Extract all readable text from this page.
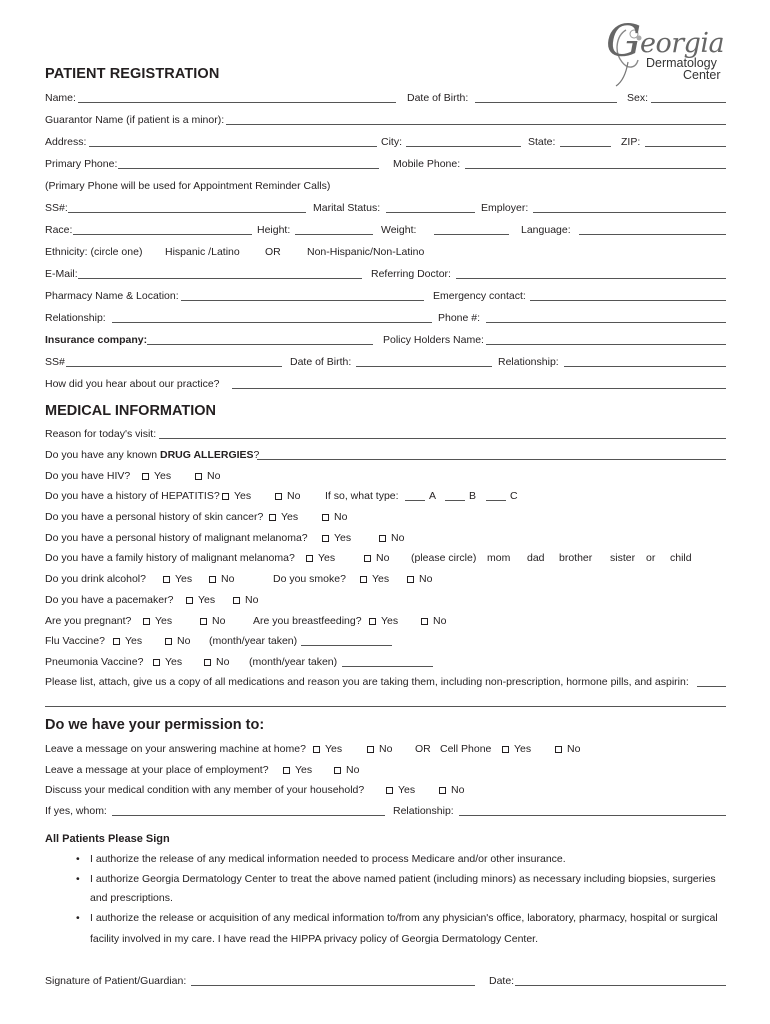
G
eorgia
Dermatology
Center
PATIENT REGISTRATION
Name:	Date of Birth:	Sex:
Guarantor Name (if patient is a minor):
Address:	City:	State:	ZIP:
Primary Phone:	Mobile Phone:
(Primary Phone will be used for Appointment Reminder Calls)
SS#:	Marital Status:	Employer:
Race:	Height:	Weight:	Language:
Ethnicity: (circle one) Hispanic /Latino OR	Non-Hispanic/Non-Latino
E-Mail:	Referring Doctor:
Pharmacy Name & Location:	Emergency contact:
Relationship:	Phone #:
Insurance company:	Policy Holders Name:
SS#	Date of Birth:	Relationship:
How did you hear about our practice?
MEDICAL INFORMATION
Reason for today's visit:
Do you have any known DRUG ALLERGIES?
Do you have HIV?	Yes	No
Do you have a history of HEPATITIS?	Yes	No If so, what type:	A	B	C
Do you have a personal history of skin cancer?	Yes	No
Do you have a personal history of malignant melanoma?	Yes	No
Do you have a family history of malignant melanoma?	Yes	No (please circle) mom dad brother sister or child
Do you drink alcohol?	Yes	No	Do you smoke?	Yes	No
Do you have a pacemaker?	Yes	No
Are you pregnant?	Yes	No	Are you breastfeeding?	Yes	No
Flu Vaccine?	Yes	No (month/year taken)
Pneumonia Vaccine?	Yes	No (month/year taken)
Please list, attach, give us a copy of all medications and reason you are taking them, including non-prescription, hormone pills, and aspirin:
Do we have your permission to:
Leave a message on your answering machine at home?	Yes	No OR Cell Phone	Yes	No
Leave a message at your place of employment?	Yes	No
Discuss your medical condition with any member of your household?	Yes	No
If yes, whom:	Relationship:
All Patients Please Sign
• I authorize the release of any medical information needed to process Medicare and/or other insurance.
• I authorize Georgia Dermatology Center to treat the above named patient (including minors) as necessary including biopsies, surgeries
and prescriptions.
• I authorize the release or acquisition of any medical information to/from any physician's office, laboratory, pharmacy, hospital or surgical
facility involved in my care. I have read the HIPPA privacy policy of Georgia Dermatology Center.
Signature of Patient/Guardian:	Date:
